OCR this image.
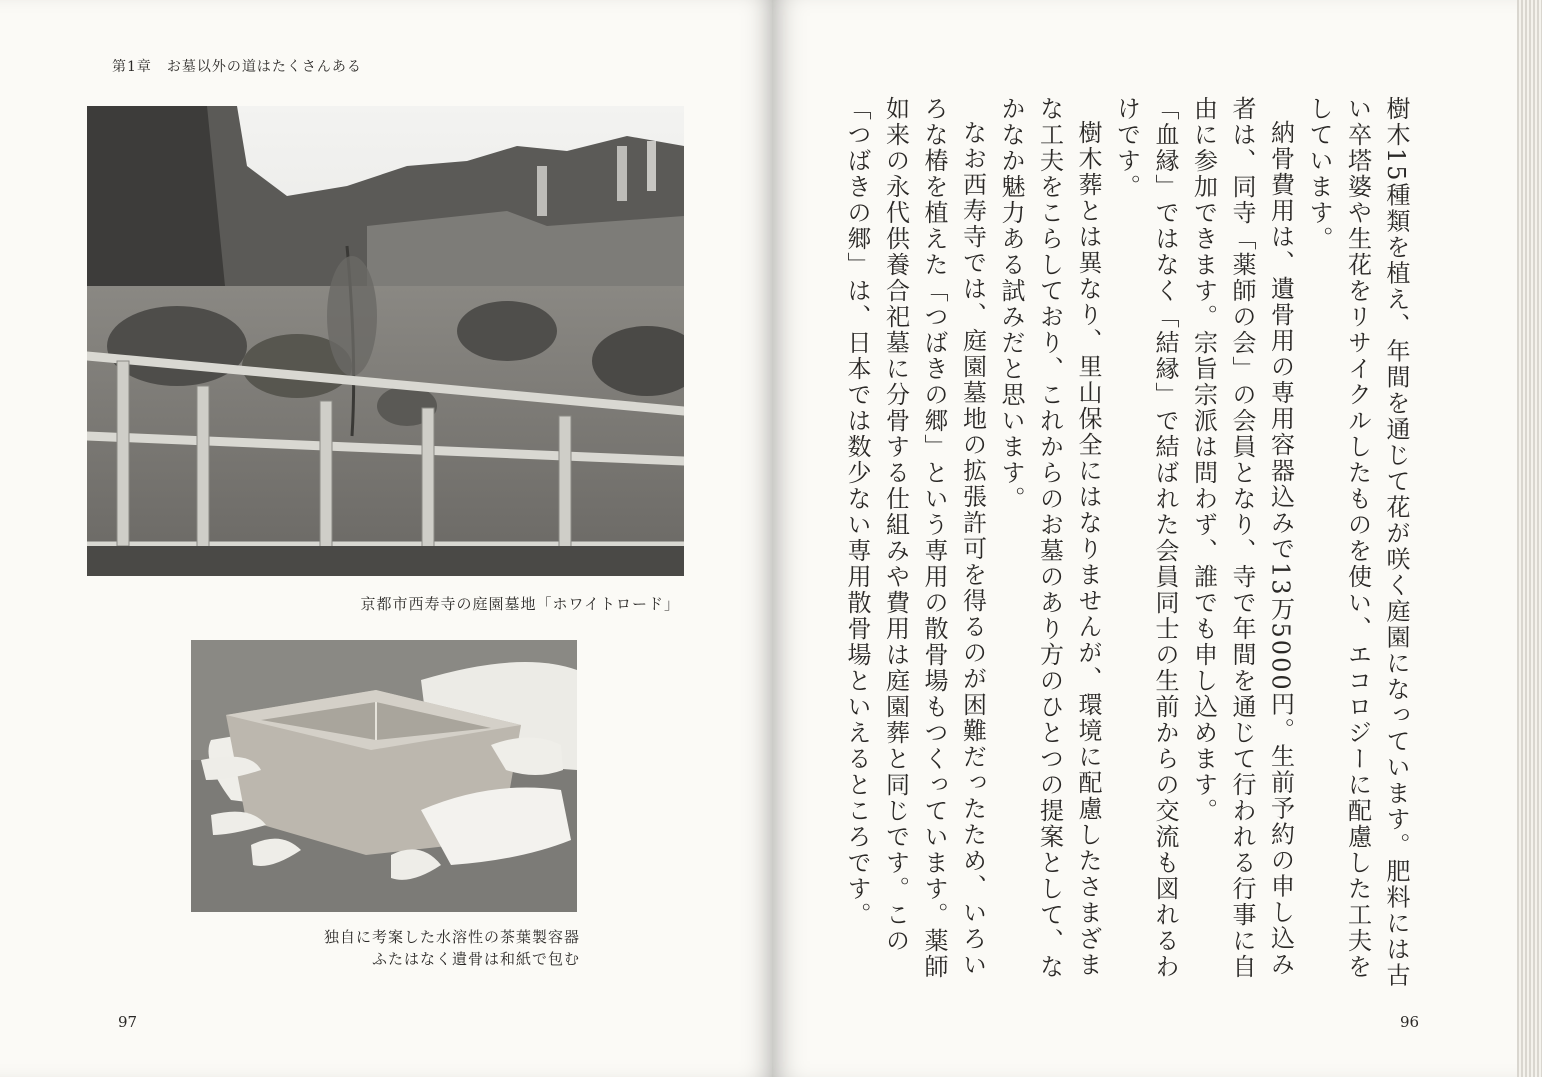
第1章　お墓以外の道はたくさんある
京都市西寿寺の庭園墓地「ホワイトロード」
独自に考案した水溶性の茶葉製容器
ふたはなく遺骨は和紙で包む
97	96

樹木15種類を植え、年間を通じて花が咲く庭園になっています。肥料には古い卒塔婆や生花をリサイクルしたものを使い、エコロジーに配慮した工夫をしています。

納骨費用は、遺骨用の専用容器込みで13万5000円。生前予約の申し込み者は、同寺「薬師の会」の会員となり、寺で年間を通じて行われる行事に自由に参加できます。宗旨宗派は問わず、誰でも申し込めます。

「血縁」ではなく「結縁」で結ばれた会員同士の生前からの交流も図れるわけです。

樹木葬とは異なり、里山保全にはなりませんが、環境に配慮したさまざまな工夫をこらしており、これからのお墓のあり方のひとつの提案として、なかなか魅力ある試みだと思います。

なお西寿寺では、庭園墓地の拡張許可を得るのが困難だったため、いろいろな椿を植えた「つばきの郷」という専用の散骨場もつくっています。薬師如来の永代供養合祀墓に分骨する仕組みや費用は庭園葬と同じです。この「つばきの郷」は、日本では数少ない専用散骨場といえるところです。
